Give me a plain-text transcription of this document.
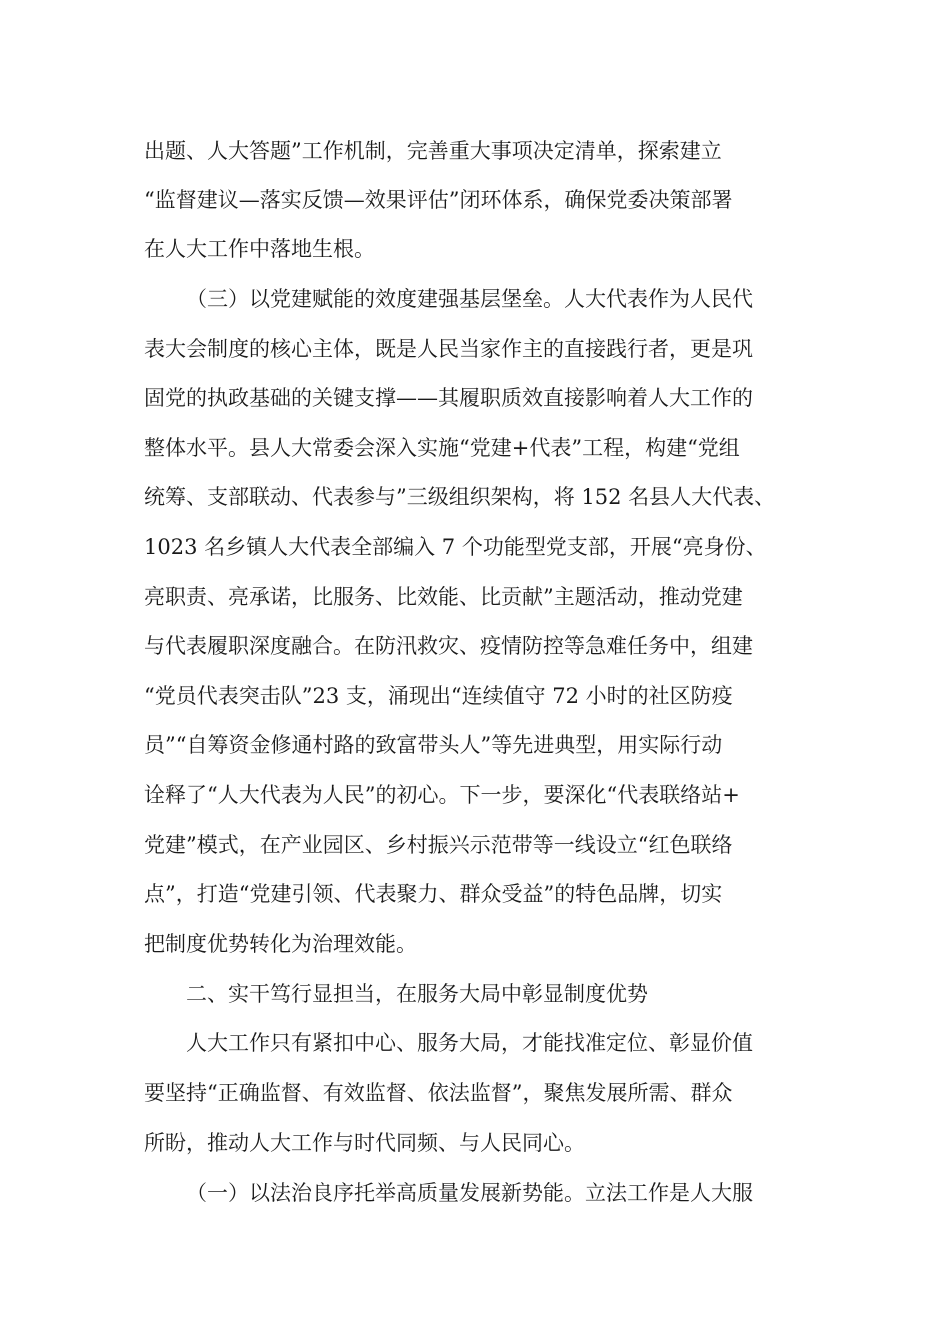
出题、人大答题”工作机制，完善重大事项决定清单，探索建立

“监督建议—落实反馈—效果评估”闭环体系，确保党委决策部署

在人大工作中落地生根。

（三）以党建赋能的效度建强基层堡垒。人大代表作为人民代

表大会制度的核心主体，既是人民当家作主的直接践行者，更是巩

固党的执政基础的关键支撑——其履职质效直接影响着人大工作的

整体水平。县人大常委会深入实施“党建+代表”工程，构建“党组

统筹、支部联动、代表参与”三级组织架构，将 152 名县人大代表、

1023 名乡镇人大代表全部编入 7 个功能型党支部，开展“亮身份、

亮职责、亮承诺，比服务、比效能、比贡献”主题活动，推动党建

与代表履职深度融合。在防汛救灾、疫情防控等急难任务中，组建

“党员代表突击队”23 支，涌现出“连续值守 72 小时的社区防疫

员”“自筹资金修通村路的致富带头人”等先进典型，用实际行动

诠释了“人大代表为人民”的初心。下一步，要深化“代表联络站+

党建”模式，在产业园区、乡村振兴示范带等一线设立“红色联络

点”，打造“党建引领、代表聚力、群众受益”的特色品牌，切实

把制度优势转化为治理效能。

二、实干笃行显担当，在服务大局中彰显制度优势

人大工作只有紧扣中心、服务大局，才能找准定位、彰显价值

要坚持“正确监督、有效监督、依法监督”，聚焦发展所需、群众

所盼，推动人大工作与时代同频、与人民同心。

（一）以法治良序托举高质量发展新势能。立法工作是人大服
